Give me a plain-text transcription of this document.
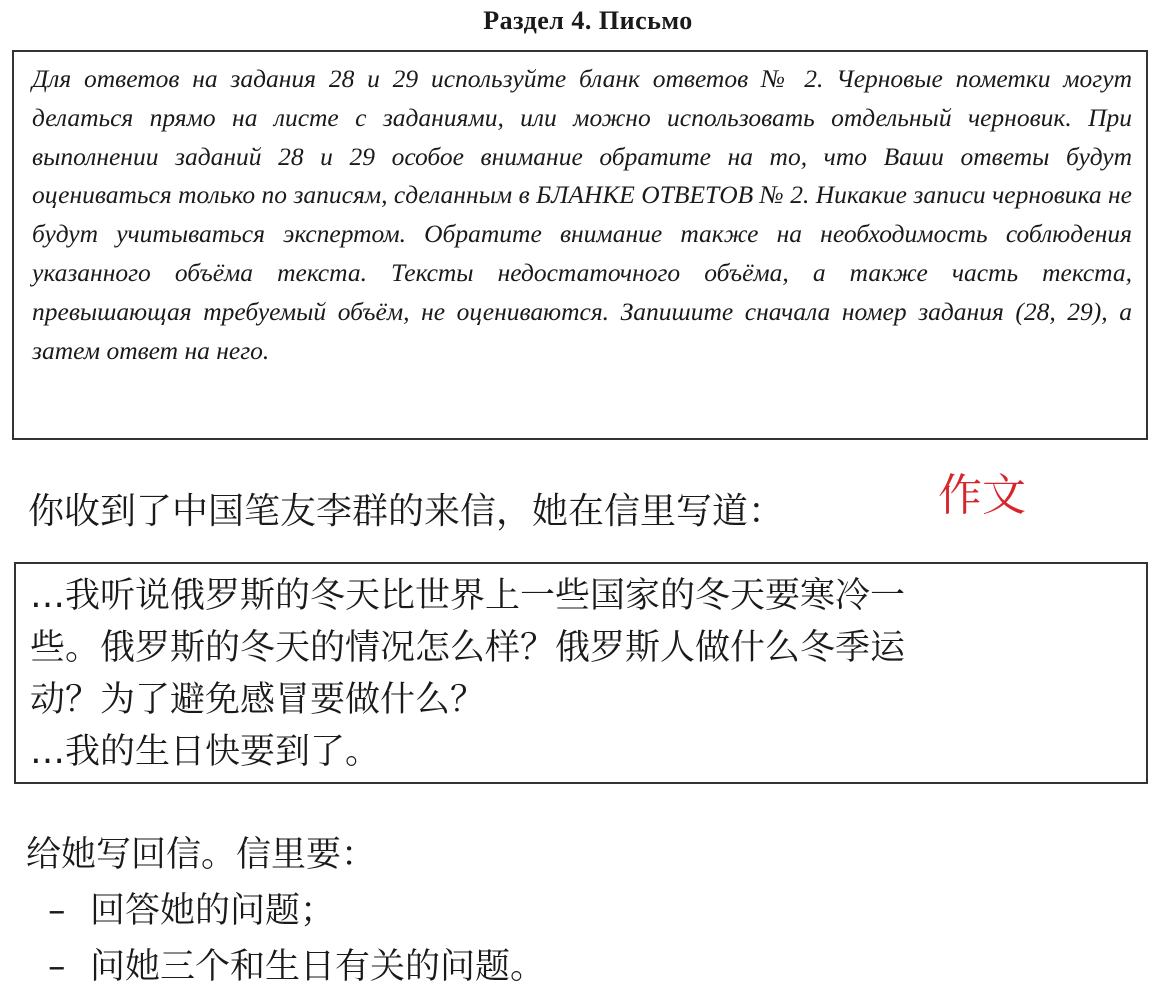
Раздел 4. Письмо
Для ответов на задания 28 и 29 используйте бланк ответов № 2. Черновые пометки могут делаться прямо на листе с заданиями, или можно использовать отдельный черновик. При выполнении заданий 28 и 29 особое внимание обратите на то, что Ваши ответы будут оцениваться только по записям, сделанным в БЛАНКЕ ОТВЕТОВ № 2. Никакие записи черновика не будут учитываться экспертом. Обратите внимание также на необходимость соблюдения указанного объёма текста. Тексты недостаточного объёма, а также часть текста, превышающая требуемый объём, не оцениваются. Запишите сначала номер задания (28, 29), а затем ответ на него.
你收到了中国笔友李群的来信，她在信里写道：	作文
…我听说俄罗斯的冬天比世界上一些国家的冬天要寒冷一
些。俄罗斯的冬天的情况怎么样？俄罗斯人做什么冬季运
动？为了避免感冒要做什么？
…我的生日快要到了。
给她写回信。信里要：
– 回答她的问题；
– 问她三个和生日有关的问题。
